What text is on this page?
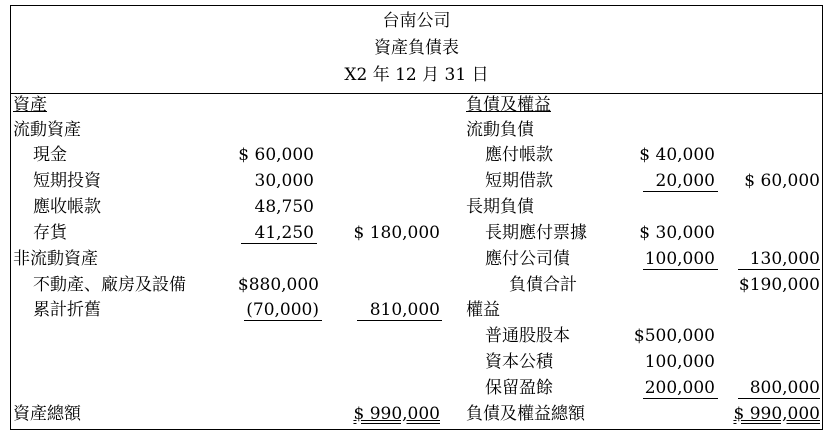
台南公司
資產負債表
X2 年 12 月 31 日
資產
流動資產
現金	$ 60,000
短期投資	30,000
應收帳款	48,750
存貨	41,250 $ 180,000
非流動資產
不動產、廠房及設備	$880,000
累計折舊	(70,000)	810,000
資產總額	$ 990,000
負債及權益
流動負債
應付帳款	$ 40,000
短期借款	20,000 $ 60,000
長期負債
長期應付票據	$ 30,000
應付公司債	100,000 130,000
負債合計	$190,000
權益
普通股股本	$500,000
資本公積	100,000
保留盈餘	200,000 800,000
負債及權益總額	$ 990,000
